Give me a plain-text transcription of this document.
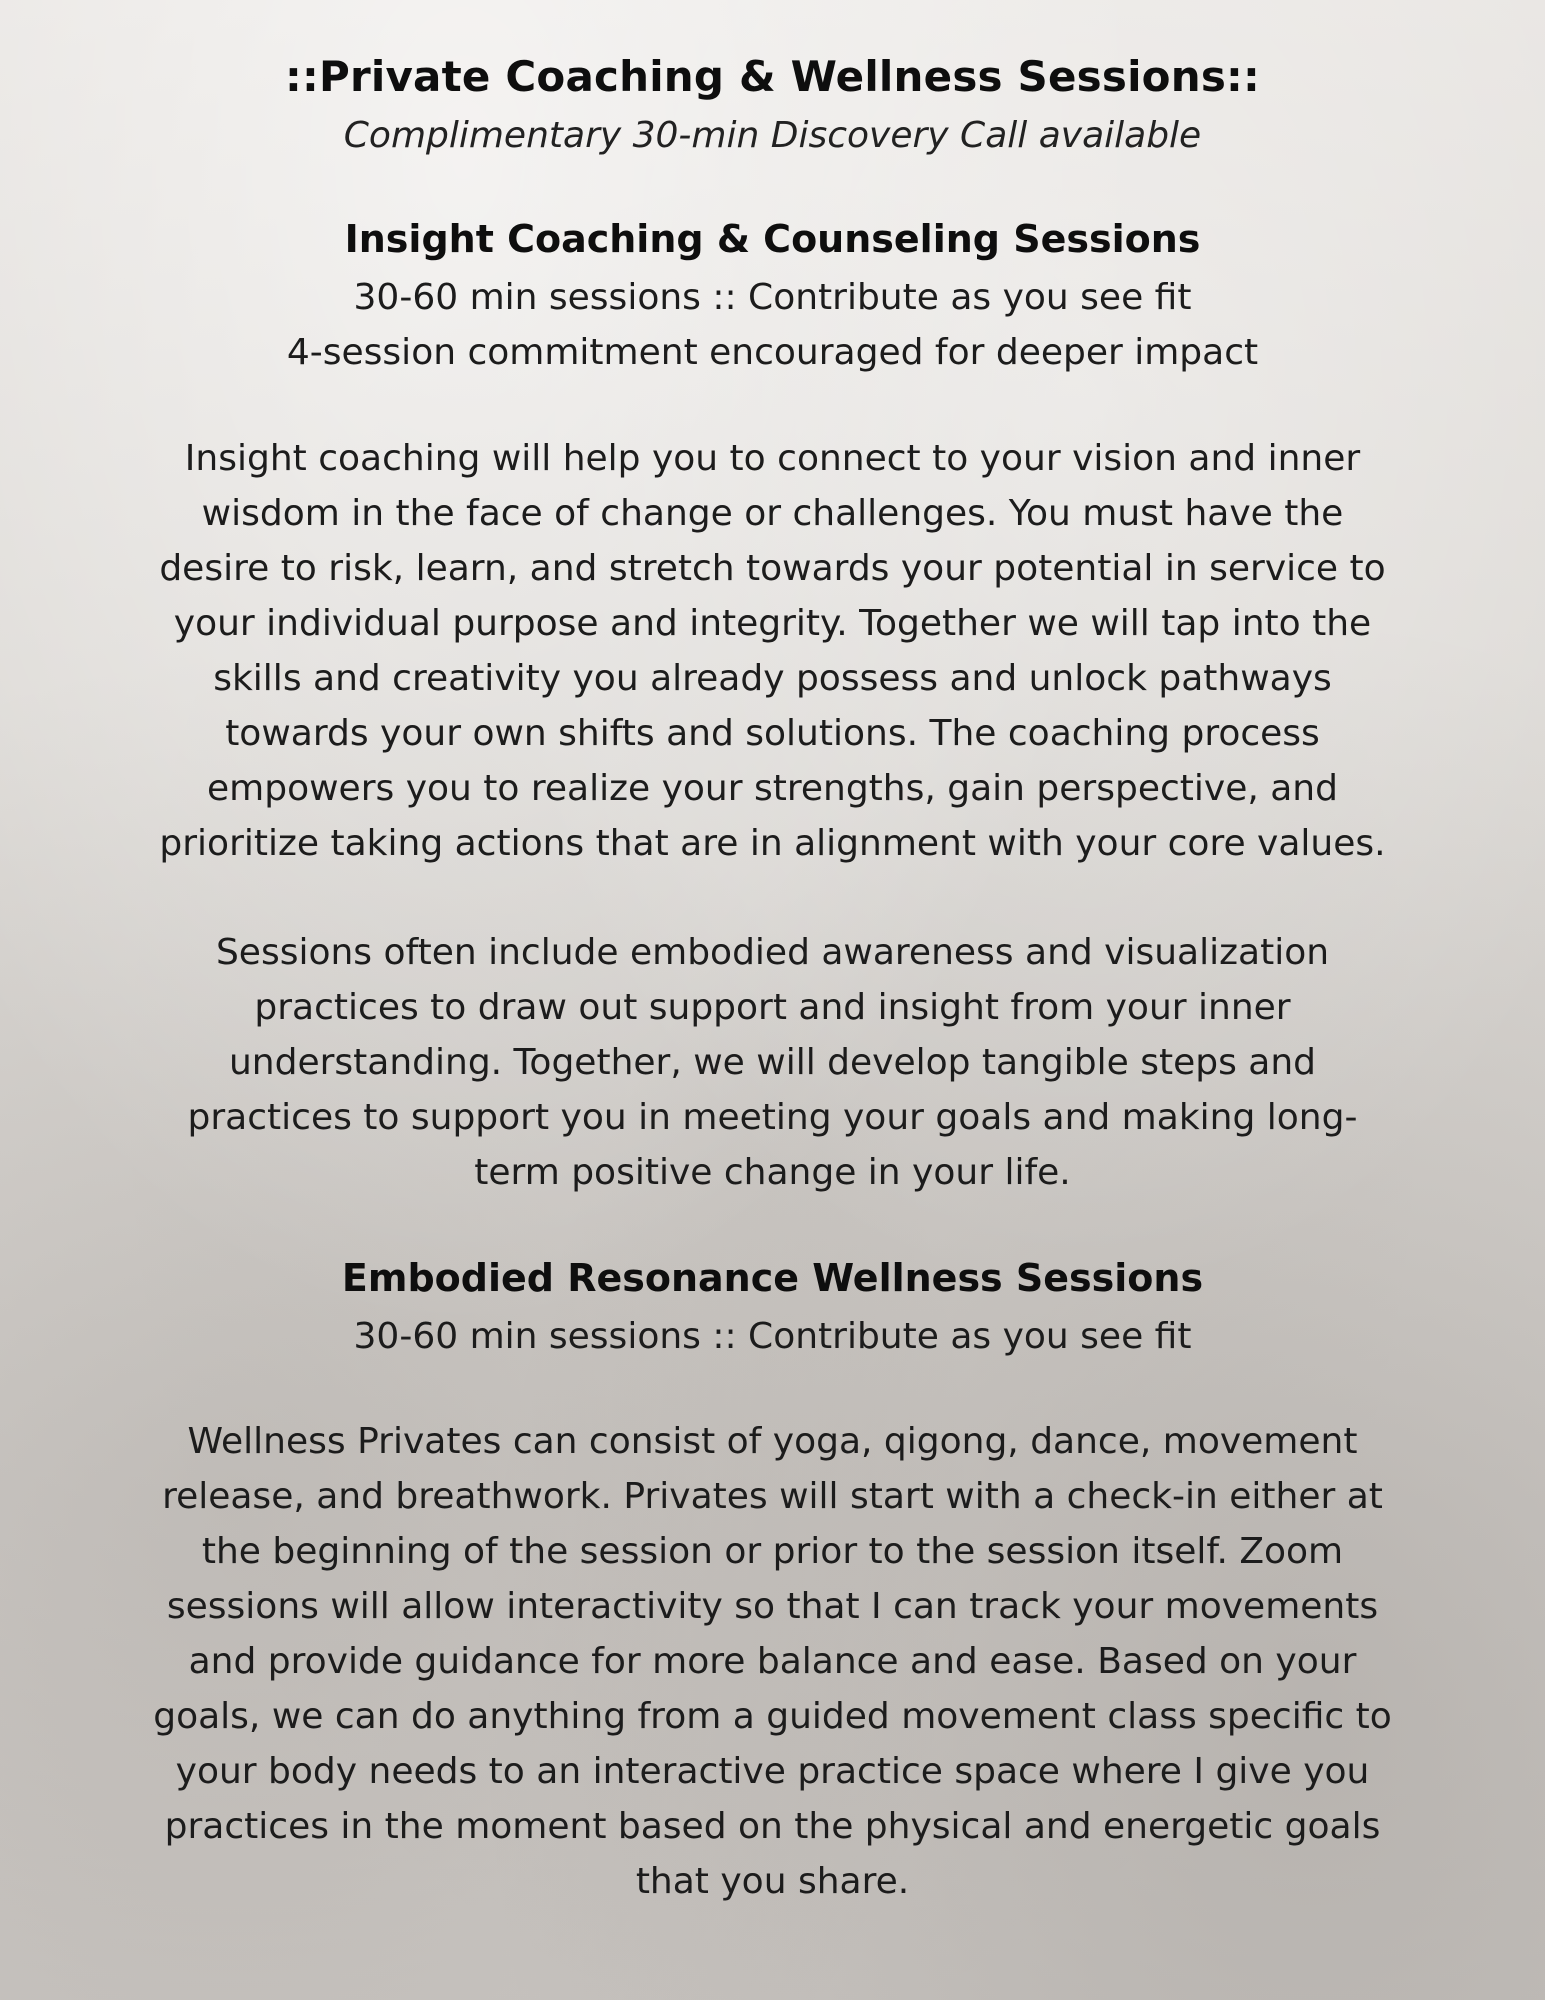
::Private Coaching & Wellness Sessions::
Complimentary 30-min Discovery Call available
Insight Coaching & Counseling Sessions
30-60 min sessions :: Contribute as you see fit
4-session commitment encouraged for deeper impact
Insight coaching will help you to connect to your vision and inner
wisdom in the face of change or challenges. You must have the
desire to risk, learn, and stretch towards your potential in service to
your individual purpose and integrity. Together we will tap into the
skills and creativity you already possess and unlock pathways
towards your own shifts and solutions. The coaching process
empowers you to realize your strengths, gain perspective, and
prioritize taking actions that are in alignment with your core values.
Sessions often include embodied awareness and visualization
practices to draw out support and insight from your inner
understanding. Together, we will develop tangible steps and
practices to support you in meeting your goals and making long-
term positive change in your life.
Embodied Resonance Wellness Sessions
30-60 min sessions :: Contribute as you see fit
Wellness Privates can consist of yoga, qigong, dance, movement
release, and breathwork. Privates will start with a check-in either at
the beginning of the session or prior to the session itself. Zoom
sessions will allow interactivity so that I can track your movements
and provide guidance for more balance and ease. Based on your
goals, we can do anything from a guided movement class specific to
your body needs to an interactive practice space where I give you
practices in the moment based on the physical and energetic goals
that you share.
